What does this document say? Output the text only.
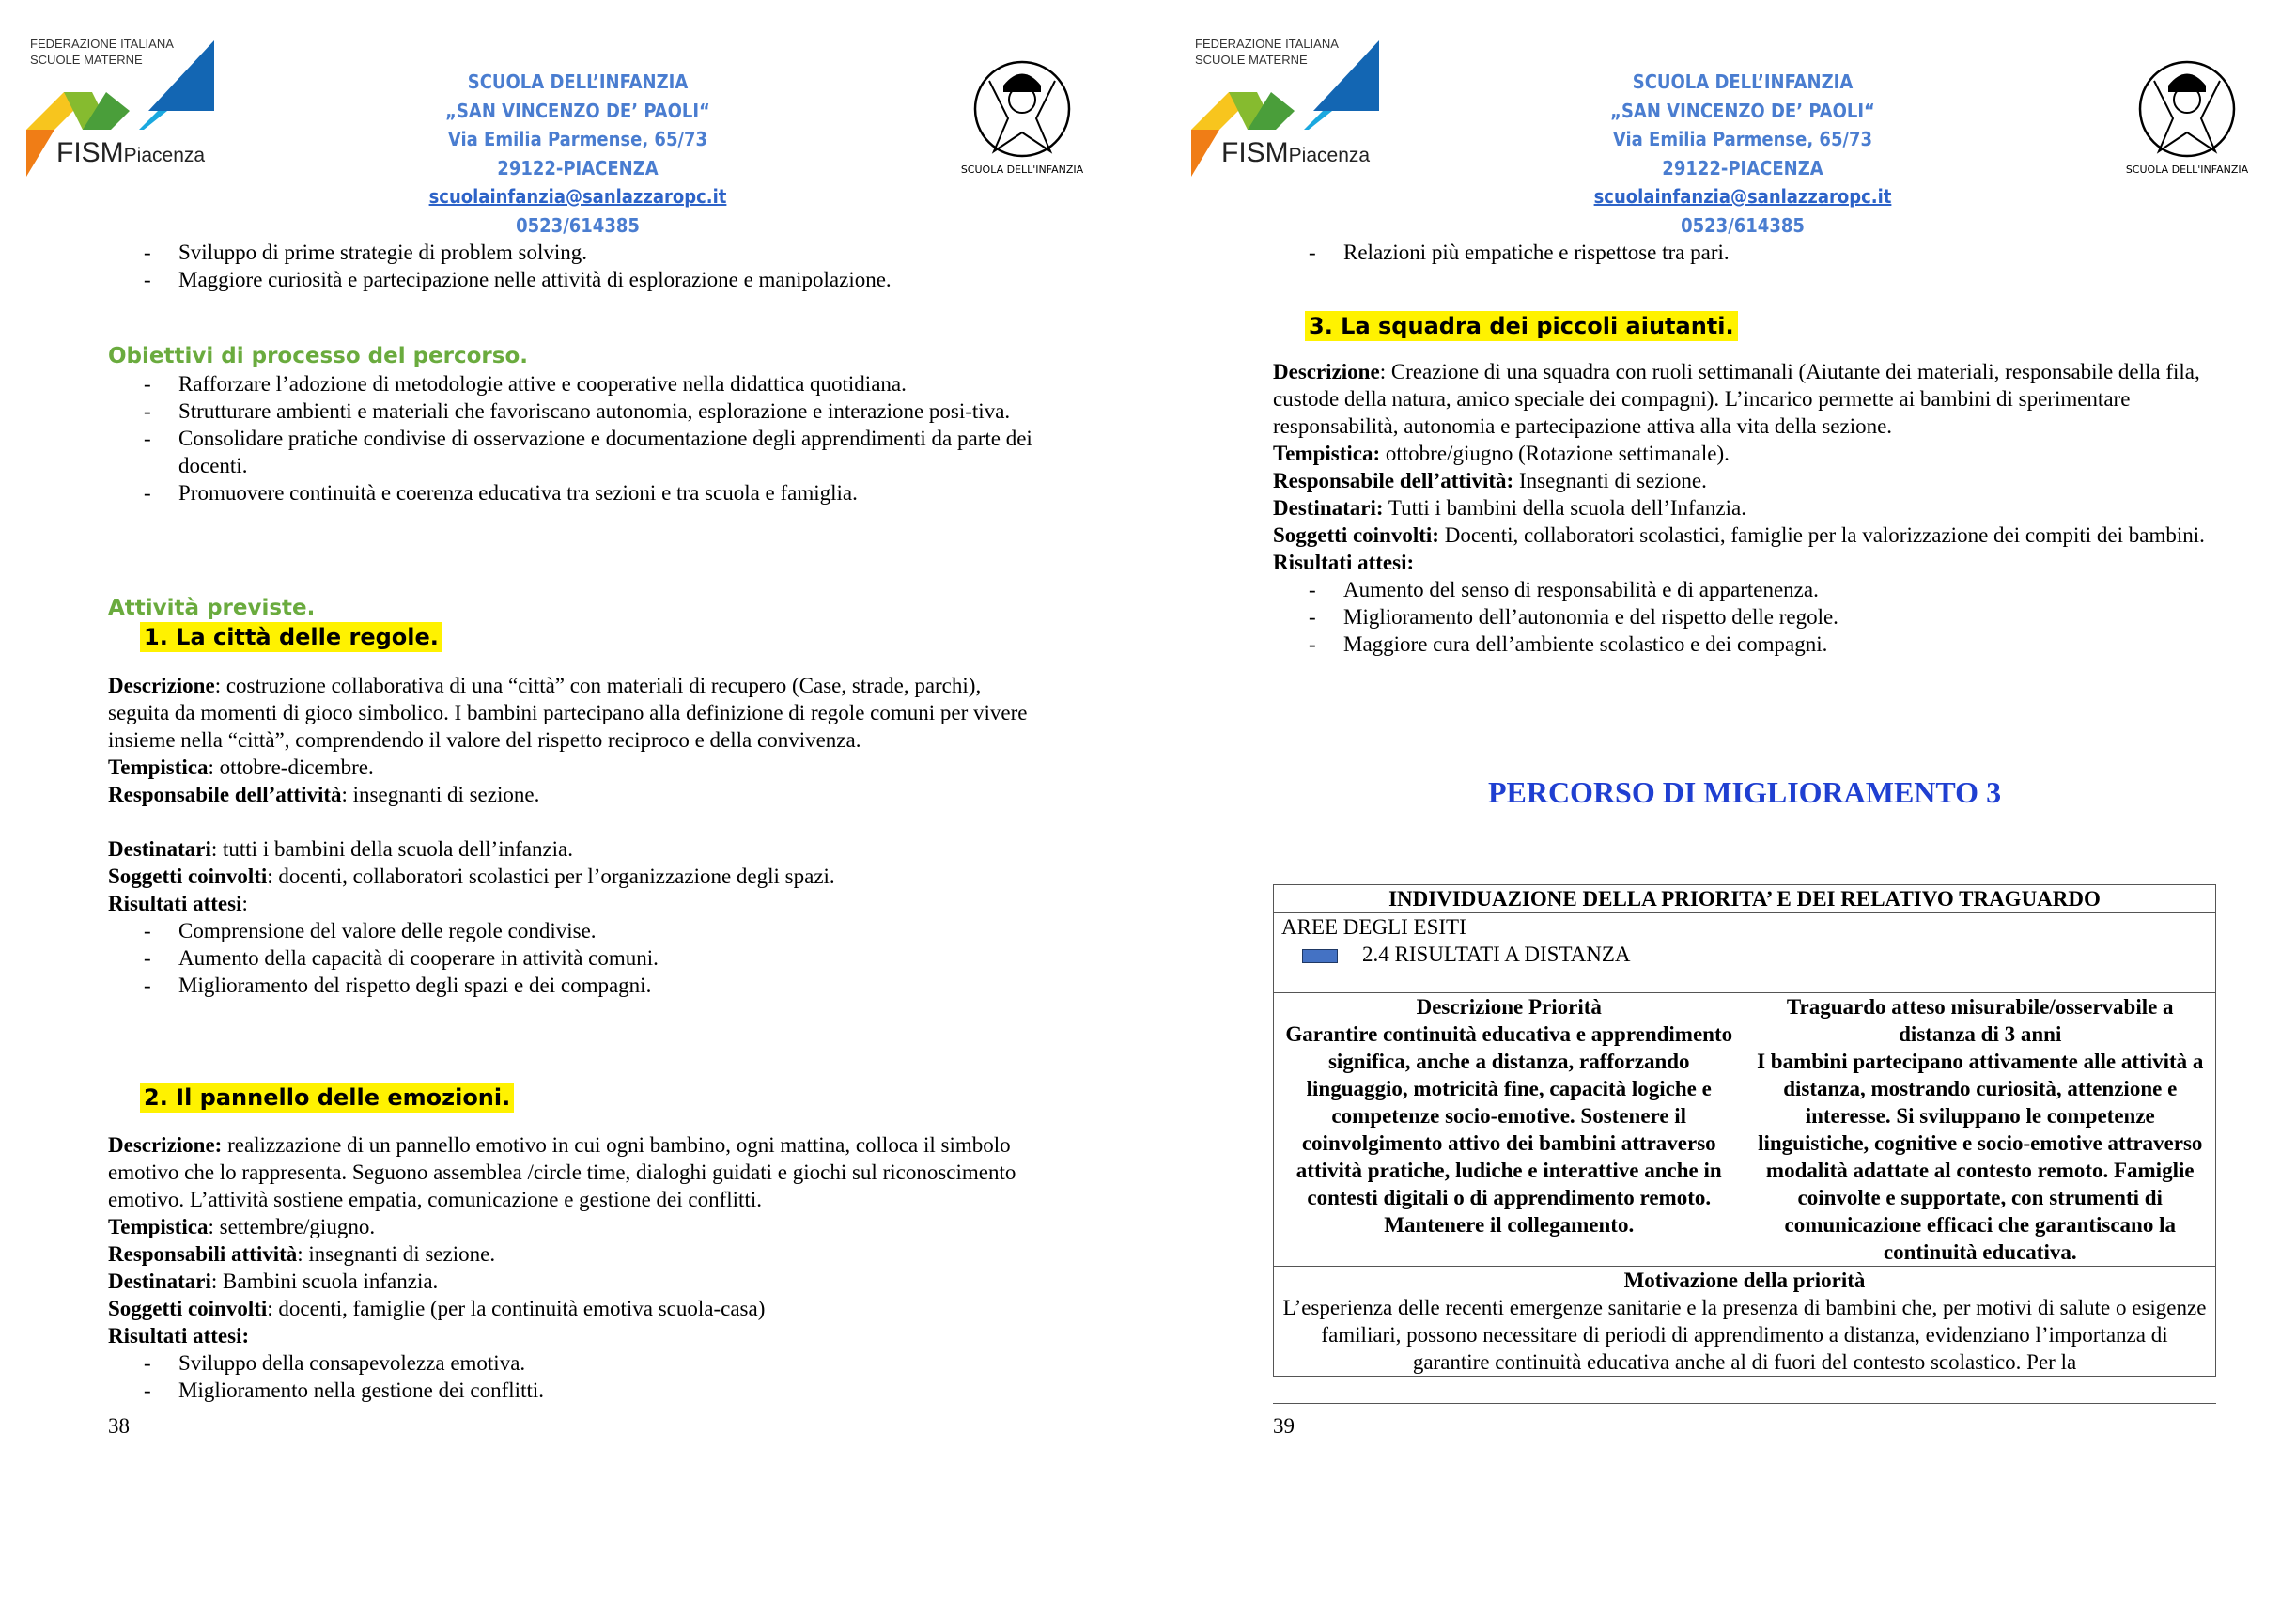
FEDERAZIONE ITALIANA
SCUOLE MATERNE
FISMPiacenza
SCUOLA DELL’INFANZIA
„SAN VINCENZO DE’ PAOLI“
Via Emilia Parmense, 65/73
29122-PIACENZA
scuolainfanzia@sanlazzaropc.it
0523/614385
SCUOLA DELL'INFANZIA
- Sviluppo di prime strategie di problem solving.
- Maggiore curiosità e partecipazione nelle attività di esplorazione e manipolazione.
Obiettivi di processo del percorso.
- Rafforzare l’adozione di metodologie attive e cooperative nella didattica quotidiana.
- Strutturare ambienti e materiali che favoriscano autonomia, esplorazione e interazione posi-tiva.
- Consolidare pratiche condivise di osservazione e documentazione degli apprendimenti da parte dei docenti.
- Promuovere continuità e coerenza educativa tra sezioni e tra scuola e famiglia.
Attività previste.
1. La città delle regole.
Descrizione: costruzione collaborativa di una “città” con materiali di recupero (Case, strade, parchi), seguita da momenti di gioco simbolico. I bambini partecipano alla definizione di regole comuni per vivere insieme nella “città”, comprendendo il valore del rispetto reciproco e della convivenza.
Tempistica: ottobre-dicembre.
Responsabile dell’attività: insegnanti di sezione.
Destinatari: tutti i bambini della scuola dell’infanzia.
Soggetti coinvolti: docenti, collaboratori scolastici per l’organizzazione degli spazi.
Risultati attesi:
- Comprensione del valore delle regole condivise.
- Aumento della capacità di cooperare in attività comuni.
- Miglioramento del rispetto degli spazi e dei compagni.
2. Il pannello delle emozioni.
Descrizione: realizzazione di un pannello emotivo in cui ogni bambino, ogni mattina, colloca il simbolo emotivo che lo rappresenta. Seguono assemblea /circle time, dialoghi guidati e giochi sul riconoscimento emotivo. L’attività sostiene empatia, comunicazione e gestione dei conflitti.
Tempistica: settembre/giugno.
Responsabili attività: insegnanti di sezione.
Destinatari: Bambini scuola infanzia.
Soggetti coinvolti: docenti, famiglie (per la continuità emotiva scuola-casa)
Risultati attesi:
- Sviluppo della consapevolezza emotiva.
- Miglioramento nella gestione dei conflitti.
38
FEDERAZIONE ITALIANA
SCUOLE MATERNE
FISMPiacenza
SCUOLA DELL’INFANZIA
„SAN VINCENZO DE’ PAOLI“
Via Emilia Parmense, 65/73
29122-PIACENZA
scuolainfanzia@sanlazzaropc.it
0523/614385
SCUOLA DELL'INFANZIA
- Relazioni più empatiche e rispettose tra pari.
3. La squadra dei piccoli aiutanti.
Descrizione: Creazione di una squadra con ruoli settimanali (Aiutante dei materiali, responsabile della fila, custode della natura, amico speciale dei compagni). L’incarico permette ai bambini di sperimentare responsabilità, autonomia e partecipazione attiva alla vita della sezione.
Tempistica: ottobre/giugno (Rotazione settimanale).
Responsabile dell’attività: Insegnanti di sezione.
Destinatari: Tutti i bambini della scuola dell’Infanzia.
Soggetti coinvolti: Docenti, collaboratori scolastici, famiglie per la valorizzazione dei compiti dei bambini.
Risultati attesi:
- Aumento del senso di responsabilità e di appartenenza.
- Miglioramento dell’autonomia e del rispetto delle regole.
- Maggiore cura dell’ambiente scolastico e dei compagni.
PERCORSO DI MIGLIORAMENTO 3
INDIVIDUAZIONE DELLA PRIORITA’ E DEI RELATIVO TRAGUARDO

AREE DEGLI ESITI
2.4 RISULTATI A DISTANZA

Descrizione Priorità
Garantire continuità educativa e apprendimento significa, anche a distanza, rafforzando linguaggio, motricità fine, capacità logiche e competenze socio-emotive. Sostenere il coinvolgimento attivo dei bambini attraverso attività pratiche, ludiche e interattive anche in contesti digitali o di apprendimento remoto. Mantenere il collegamento.

Traguardo atteso misurabile/osservabile a distanza di 3 anni
I bambini partecipano attivamente alle attività a distanza, mostrando curiosità, attenzione e interesse. Si sviluppano le competenze linguistiche, cognitive e socio-emotive attraverso modalità adattate al contesto remoto. Famiglie coinvolte e supportate, con strumenti di comunicazione efficaci che garantiscano la continuità educativa.

Motivazione della priorità
L’esperienza delle recenti emergenze sanitarie e la presenza di bambini che, per motivi di salute o esigenze familiari, possono necessitare di periodi di apprendimento a distanza, evidenziano l’importanza di garantire continuità educativa anche al di fuori del contesto scolastico. Per la
39
